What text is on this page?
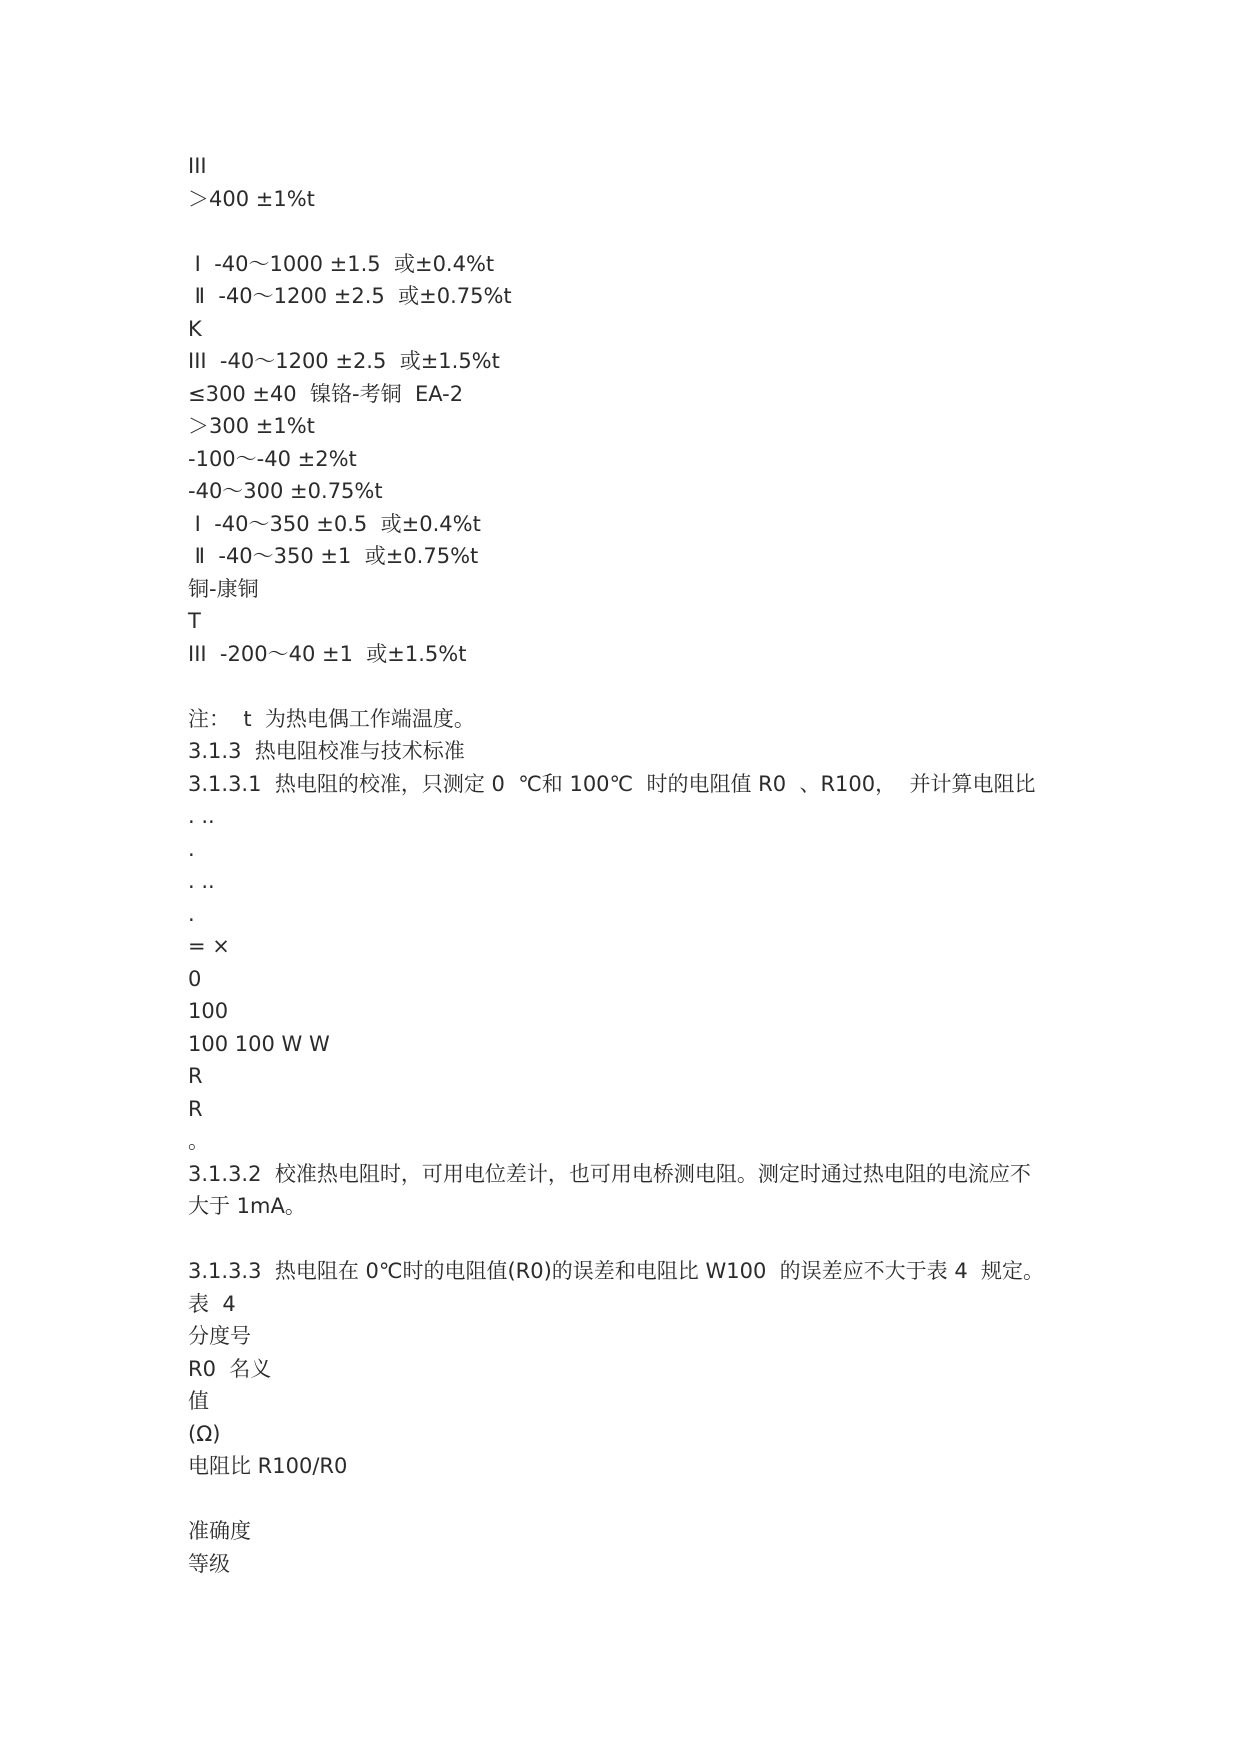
III
＞400 ±1%t
Ⅰ  -40～1000 ±1.5  或±0.4%t
Ⅱ  -40～1200 ±2.5  或±0.75%t
K
III  -40～1200 ±2.5  或±1.5%t
≤300 ±40  镍铬-考铜  EA-2
＞300 ±1%t
-100～-40 ±2%t
-40～300 ±0.75%t
Ⅰ  -40～350 ±0.5  或±0.4%t
Ⅱ  -40～350 ±1  或±0.75%t
铜-康铜
T
III  -200～40 ±1  或±1.5%t
注：  t  为热电偶工作端温度。
3.1.3  热电阻校准与技术标准
3.1.3.1  热电阻的校准，只测定 0  ℃和 100℃  时的电阻值 R0  、R100，  并计算电阻比
. ..
.
. ..
.
= ×
0
100
100 100 W W
R
R
。
3.1.3.2  校准热电阻时，可用电位差计，也可用电桥测电阻。测定时通过热电阻的电流应不
大于 1mA。
3.1.3.3  热电阻在 0℃时的电阻值(R0)的误差和电阻比 W100  的误差应不大于表 4  规定。
表  4
分度号
R0  名义
值
(Ω)
电阻比 R100/R0
准确度
等级
